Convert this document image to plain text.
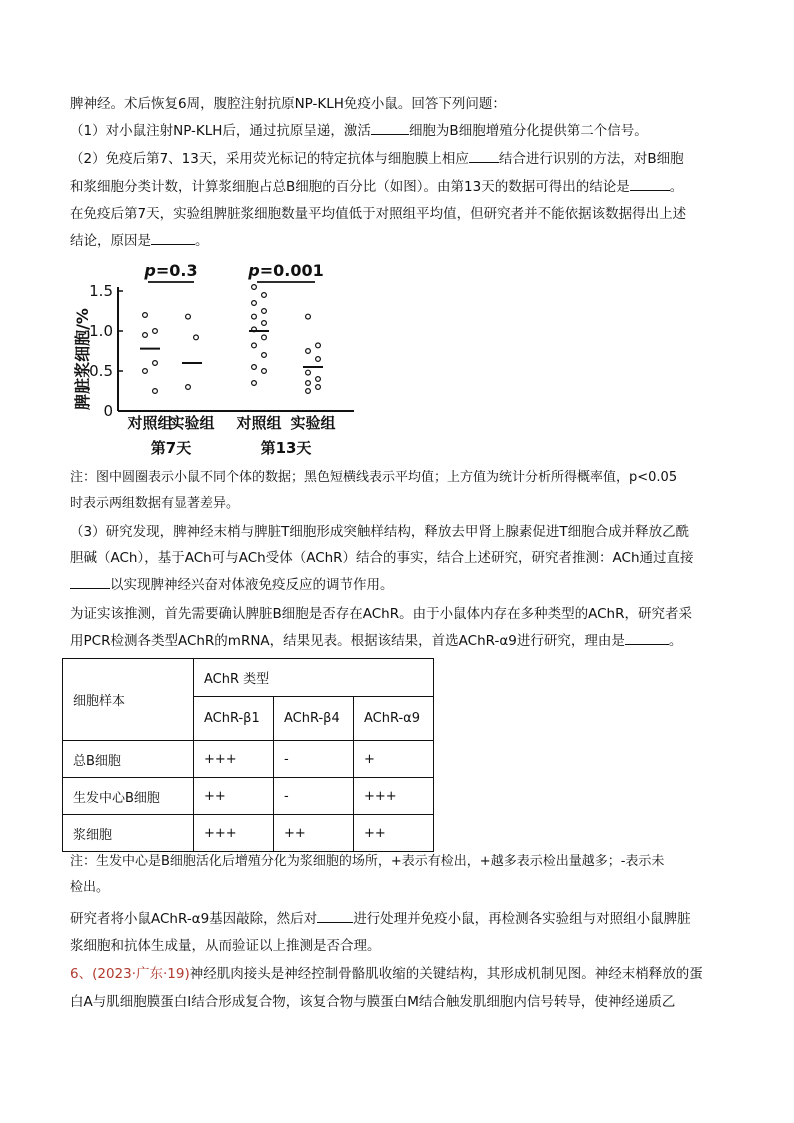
脾神经。术后恢复6周，腹腔注射抗原NP-KLH免疫小鼠。回答下列问题：
（1）对小鼠注射NP-KLH后，通过抗原呈递，激活	细胞为B细胞增殖分化提供第二个信号。
（2）免疫后第7、13天，采用荧光标记的特定抗体与细胞膜上相应 结合进行识别的方法，对B细胞
和浆细胞分类计数，计算浆细胞占总B细胞的百分比（如图）。由第13天的数据可得出的结论是	。
在免疫后第7天，实验组脾脏浆细胞数量平均值低于对照组平均值，但研究者并不能依据该数据得出上述
结论，原因是	。
0
0.5
1.0
1.5
脾脏浆细胞/%
对照组
实验组 对照组 实验组
第7天	第13天
p=0.3	p=0.001
注：图中圆圈表示小鼠不同个体的数据；黑色短横线表示平均值；上方值为统计分析所得概率值，p<0.05
时表示两组数据有显著差异。
（3）研究发现，脾神经末梢与脾脏T细胞形成突触样结构，释放去甲肾上腺素促进T细胞合成并释放乙酰
胆碱（ACh），基于ACh可与ACh受体（AChR）结合的事实，结合上述研究，研究者推测：ACh通过直接
以实现脾神经兴奋对体液免疫反应的调节作用。
为证实该推测，首先需要确认脾脏B细胞是否存在AChR。由于小鼠体内存在多种类型的AChR，研究者采
用PCR检测各类型AChR的mRNA，结果见表。根据该结果，首选AChR-α9进行研究，理由是	。
细胞样本	AChR 类型		
	AChR-β1	AChR-β4	AChR-α9
总B细胞	+++	-	+
生发中心B细胞	++	-	+++
浆细胞	+++	++	++
注：生发中心是B细胞活化后增殖分化为浆细胞的场所，+表示有检出，+越多表示检出量越多；-表示未
检出。
研究者将小鼠AChR-α9基因敲除，然后对	进行处理并免疫小鼠，再检测各实验组与对照组小鼠脾脏
浆细胞和抗体生成量，从而验证以上推测是否合理。
6、(2023·广东·19)神经肌肉接头是神经控制骨骼肌收缩的关键结构，其形成机制见图。神经末梢释放的蛋
白A与肌细胞膜蛋白I结合形成复合物，该复合物与膜蛋白M结合触发肌细胞内信号转导，使神经递质乙
